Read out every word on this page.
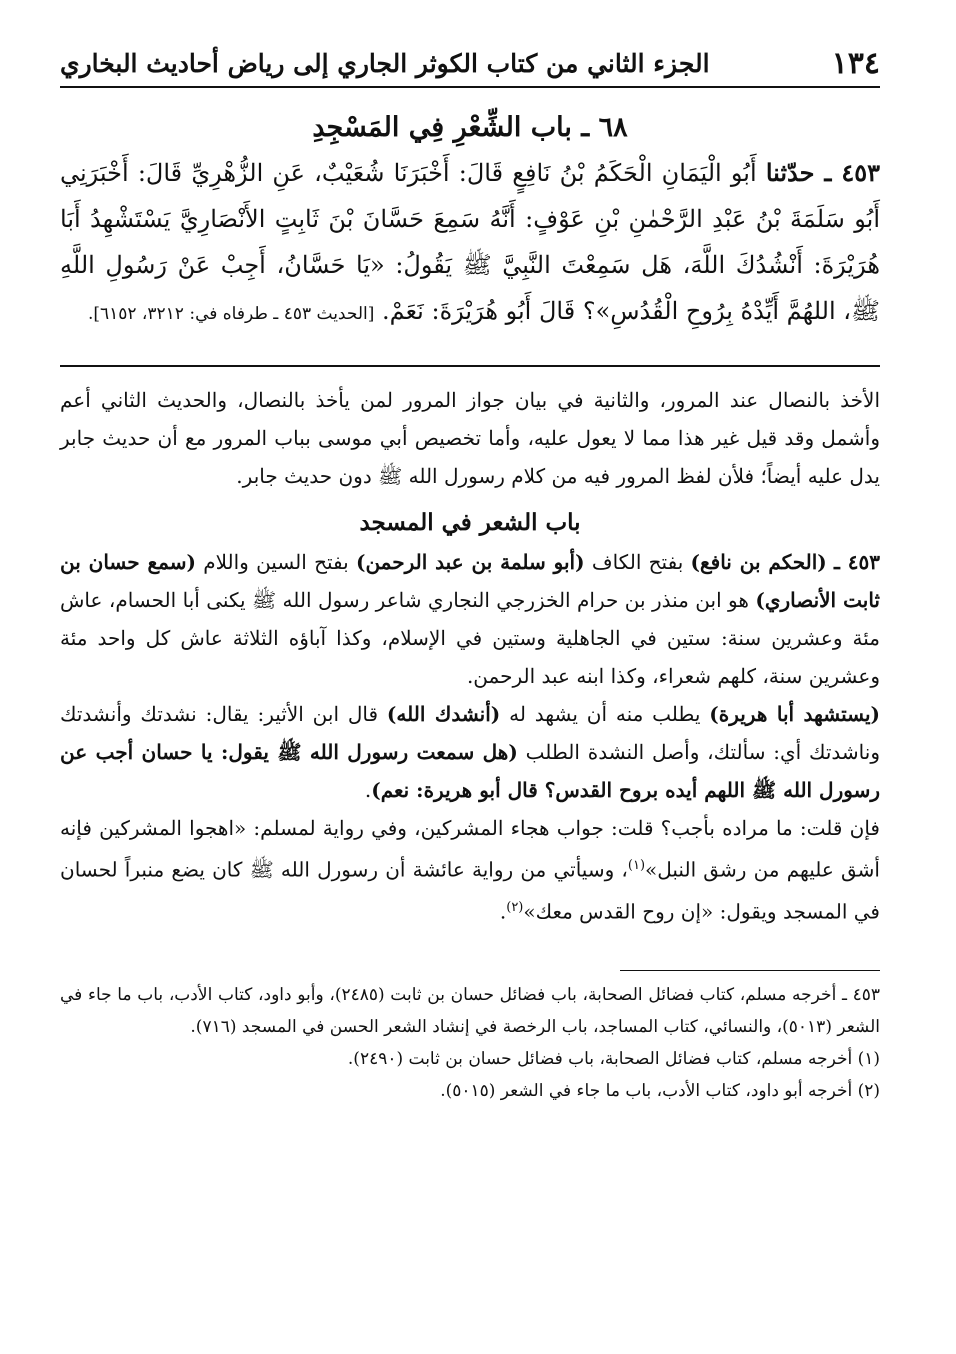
١٣٤
الجزء الثاني من كتاب الكوثر الجاري إلى رياض أحاديث البخاري
٦٨ ـ باب الشِّعْرِ فِي المَسْجِدِ

٤٥٣ ـ حدّثنا أَبُو الْيَمَانِ الْحَكَمُ بْنُ نَافِعٍ قَالَ: أَخْبَرَنَا شُعَيْبٌ، عَنِ الزُّهْرِيِّ قَالَ: أَخْبَرَنِي أَبُو سَلَمَةَ بْنُ عَبْدِ الرَّحْمٰنِ بْنِ عَوْفٍ: أَنَّهُ سَمِعَ حَسَّانَ بْنَ ثَابِتٍ الأَنْصَارِيَّ يَسْتَشْهِدُ أَبَا هُرَيْرَةَ: أَنْشُدُكَ اللَّهَ، هَل سَمِعْتَ النَّبِيَّ ﷺ يَقُولُ: «يَا حَسَّانُ، أَجِبْ عَنْ رَسُولِ اللَّهِ ﷺ، اللهُمَّ أَيِّدْهُ بِرُوحِ الْقُدُسِ»؟ قَالَ أَبُو هُرَيْرَةَ: نَعَمْ. [الحديث ٤٥٣ ـ طرفاه في: ٣٢١٢، ٦١٥٢].

الأخذ بالنصال عند المرور، والثانية في بيان جواز المرور لمن يأخذ بالنصال، والحديث الثاني أعم وأشمل وقد قيل غير هذا مما لا يعول عليه، وأما تخصيص أبي موسى بباب المرور مع أن حديث جابر يدل عليه أيضاً؛ فلأن لفظ المرور فيه من كلام رسورل الله ﷺ دون حديث جابر.

باب الشعر في المسجد

٤٥٣ ـ (الحكم بن نافع) بفتح الكاف (أبو سلمة بن عبد الرحمن) بفتح السين واللام (سمع حسان بن ثابت الأنصاري) هو ابن منذر بن حرام الخزرجي النجاري شاعر رسول الله ﷺ يكنى أبا الحسام، عاش مئة وعشرين سنة: ستين في الجاهلية وستين في الإسلام، وكذا آباؤه الثلاثة عاش كل واحد مئة وعشرين سنة، كلهم شعراء، وكذا ابنه عبد الرحمن.

(يستشهد أبا هريرة) يطلب منه أن يشهد له (أنشدك الله) قال ابن الأثير: يقال: نشدتك وأنشدتك وناشدتك أي: سألتك، وأصل النشدة الطلب (هل سمعت رسورل الله ﷺ يقول: يا حسان أجب عن رسورل الله ﷺ اللهم أيده بروح القدس؟ قال أبو هريرة: نعم).

فإن قلت: ما مراده بأجب؟ قلت: جواب هجاء المشركين، وفي رواية لمسلم: «اهجوا المشركين فإنه أشق عليهم من رشق النبل»$^{(١)}$، وسيأتي من رواية عائشة أن رسورل الله ﷺ كان يضع منبراً لحسان في المسجد ويقول: «إن روح القدس معك»$^{(٢)}$.

٤٥٣ ـ أخرجه مسلم، كتاب فضائل الصحابة، باب فضائل حسان بن ثابت (٢٤٨٥)، وأبو داود، كتاب الأدب، باب ما جاء في الشعر (٥٠١٣)، والنسائي، كتاب المساجد، باب الرخصة في إنشاد الشعر الحسن في المسجد (٧١٦).

(١) أخرجه مسلم، كتاب فضائل الصحابة، باب فضائل حسان بن ثابت (٢٤٩٠).

(٢) أخرجه أبو داود، كتاب الأدب، باب ما جاء في الشعر (٥٠١٥).
